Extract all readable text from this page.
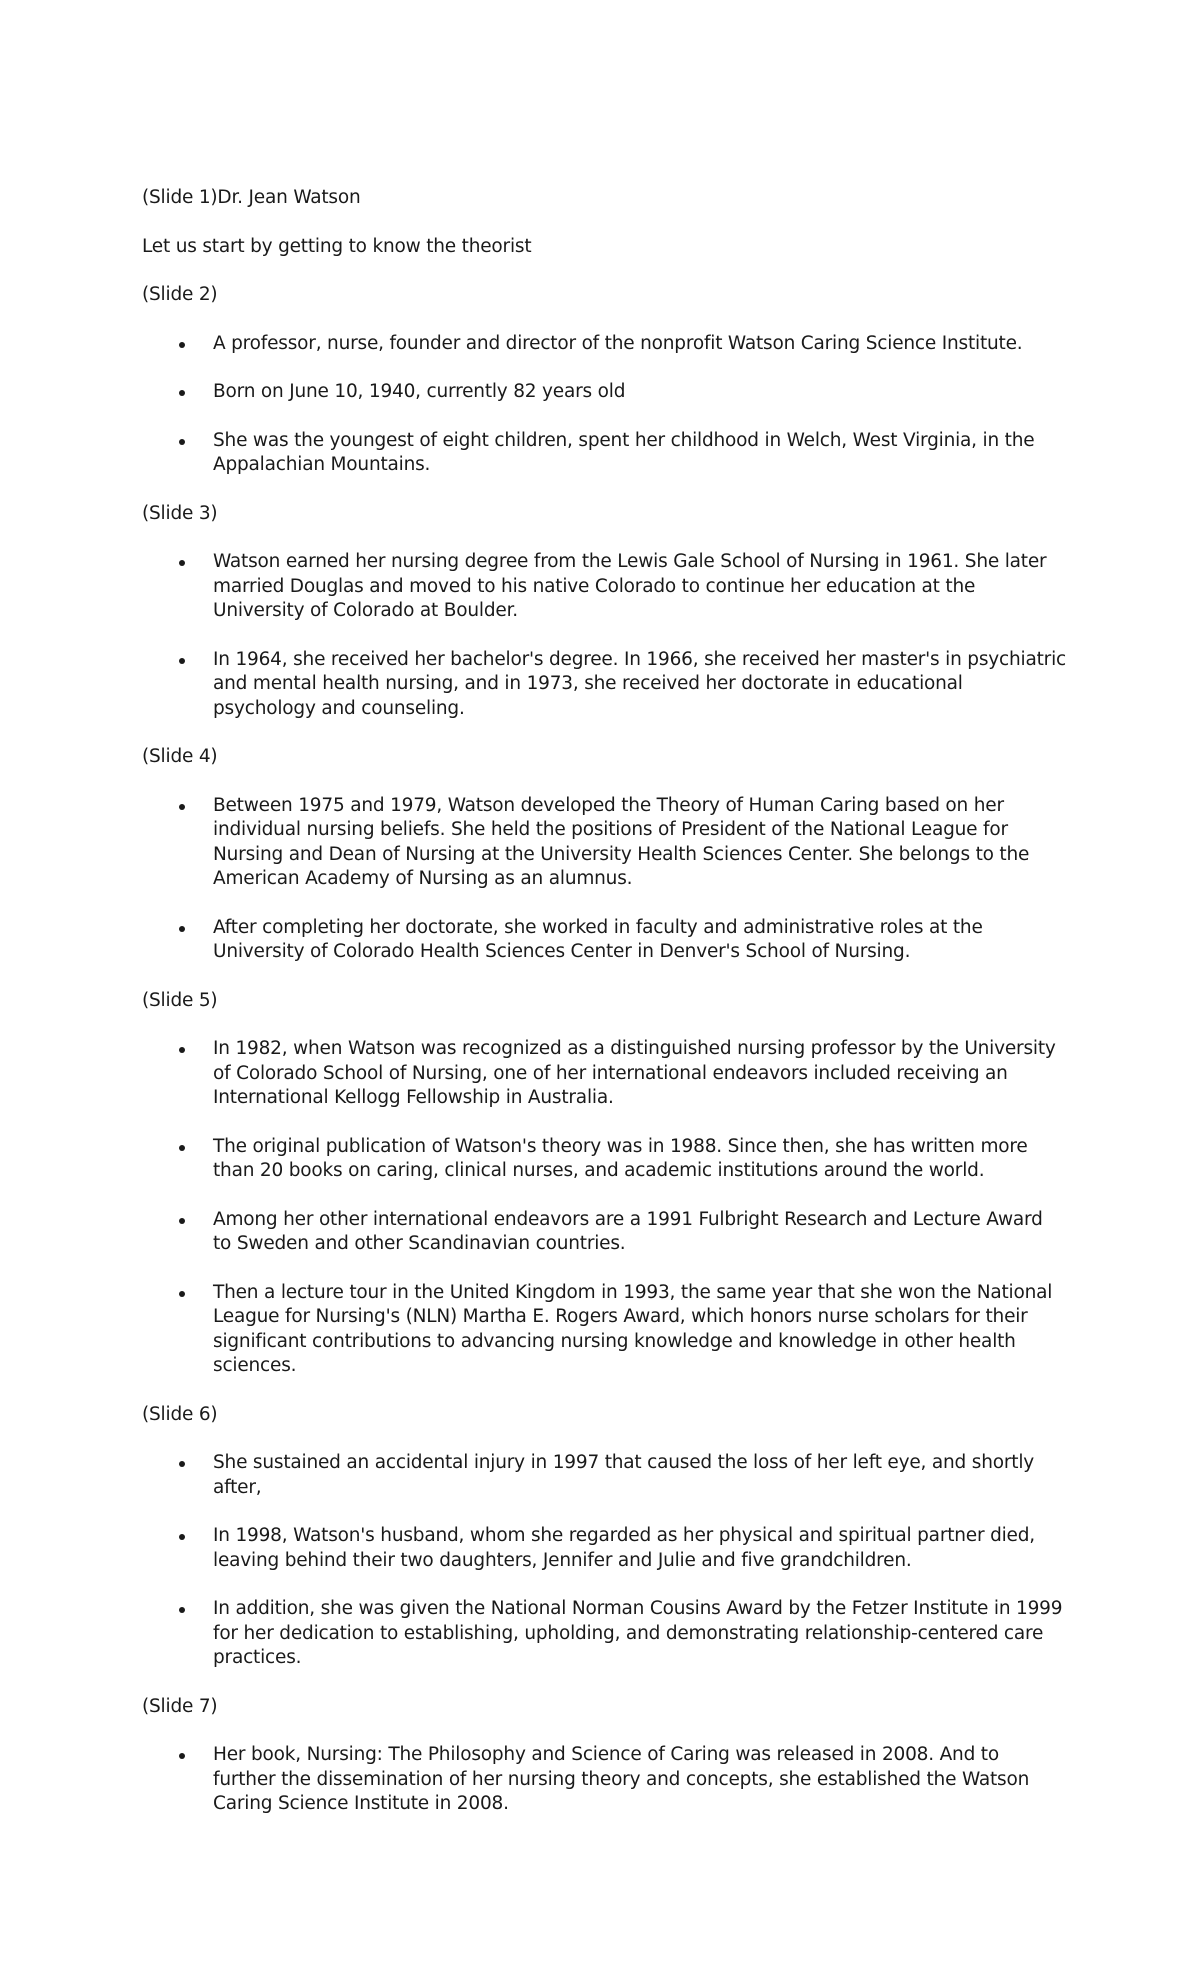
(Slide 1)Dr. Jean Watson

Let us start by getting to know the theorist

(Slide 2)

A professor, nurse, founder and director of the nonprofit Watson Caring Science Institute.
Born on June 10, 1940, currently 82 years old
She was the youngest of eight children, spent her childhood in Welch, West Virginia, in the Appalachian Mountains.

(Slide 3)

Watson earned her nursing degree from the Lewis Gale School of Nursing in 1961. She later married Douglas and moved to his native Colorado to continue her education at the University of Colorado at Boulder.
In 1964, she received her bachelor's degree. In 1966, she received her master's in psychiatric and mental health nursing, and in 1973, she received her doctorate in educational psychology and counseling.

(Slide 4)

Between 1975 and 1979, Watson developed the Theory of Human Caring based on her individual nursing beliefs. She held the positions of President of the National League for Nursing and Dean of Nursing at the University Health Sciences Center. She belongs to the American Academy of Nursing as an alumnus.
After completing her doctorate, she worked in faculty and administrative roles at the University of Colorado Health Sciences Center in Denver's School of Nursing.

(Slide 5)

In 1982, when Watson was recognized as a distinguished nursing professor by the University of Colorado School of Nursing, one of her international endeavors included receiving an International Kellogg Fellowship in Australia.
The original publication of Watson's theory was in 1988. Since then, she has written more than 20 books on caring, clinical nurses, and academic institutions around the world.
Among her other international endeavors are a 1991 Fulbright Research and Lecture Award to Sweden and other Scandinavian countries.
Then a lecture tour in the United Kingdom in 1993, the same year that she won the National League for Nursing's (NLN) Martha E. Rogers Award, which honors nurse scholars for their significant contributions to advancing nursing knowledge and knowledge in other health sciences.

(Slide 6)

She sustained an accidental injury in 1997 that caused the loss of her left eye, and shortly after,
In 1998, Watson's husband, whom she regarded as her physical and spiritual partner died, leaving behind their two daughters, Jennifer and Julie and five grandchildren.
In addition, she was given the National Norman Cousins Award by the Fetzer Institute in 1999 for her dedication to establishing, upholding, and demonstrating relationship-centered care practices.

(Slide 7)

Her book, Nursing: The Philosophy and Science of Caring was released in 2008. And to further the dissemination of her nursing theory and concepts, she established the Watson Caring Science Institute in 2008.
